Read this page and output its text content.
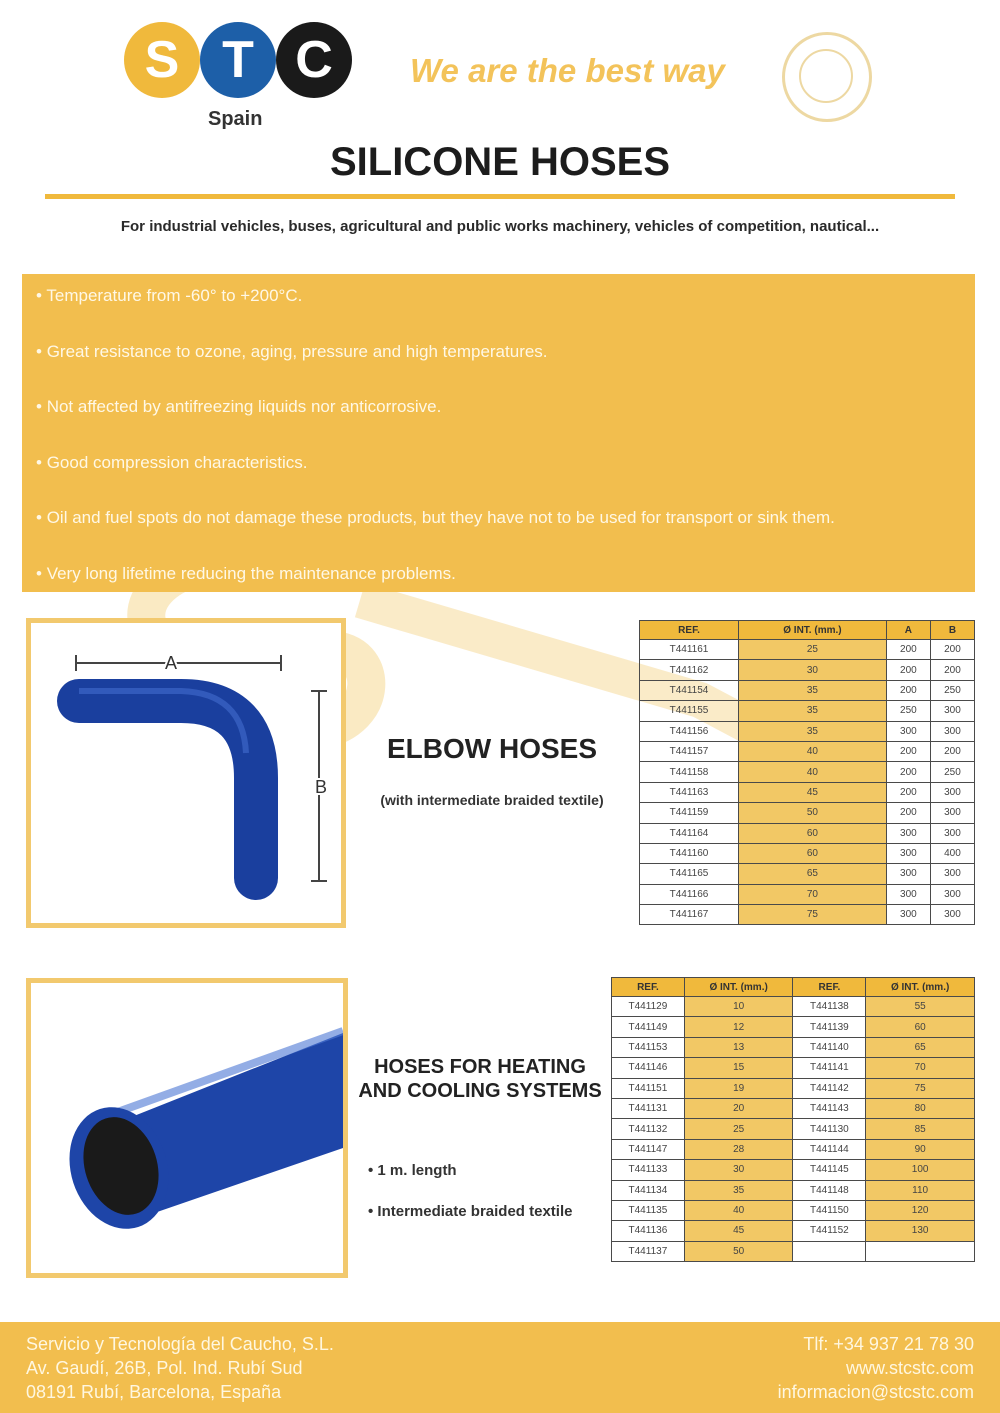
S T C
Spain
We are the best way
SILICONE HOSES
For industrial vehicles, buses, agricultural and public works machinery, vehicles of competition, nautical...
• Temperature from -60° to +200°C.
• Great resistance to ozone, aging, pressure and high temperatures.
• Not affected by antifreezing liquids nor anticorrosive.
• Good compression characteristics.
• Oil and fuel spots do not damage these products, but they have not to be used for transport or sink them.
• Very long lifetime reducing the maintenance problems.
A
B
ELBOW HOSES
(with intermediate braided textile)
REF.	Ø INT. (mm.)	A	B
T441161	25	200	200
T441162	30	200	200
T441154	35	200	250
T441155	35	250	300
T441156	35	300	300
T441157	40	200	200
T441158	40	200	250
T441163	45	200	300
T441159	50	200	300
T441164	60	300	300
T441160	60	300	400
T441165	65	300	300
T441166	70	300	300
T441167	75	300	300
HOSES FOR HEATING
AND COOLING SYSTEMS
• 1 m. length
• Intermediate braided textile
REF.	Ø INT. (mm.)	REF.	Ø INT. (mm.)
T441129	10	T441138	55
T441149	12	T441139	60
T441153	13	T441140	65
T441146	15	T441141	70
T441151	19	T441142	75
T441131	20	T441143	80
T441132	25	T441130	85
T441147	28	T441144	90
T441133	30	T441145	100
T441134	35	T441148	110
T441135	40	T441150	120
T441136	45	T441152	130
T441137	50		
Servicio y Tecnología del Caucho, S.L.
Av. Gaudí, 26B, Pol. Ind. Rubí Sud
08191 Rubí, Barcelona, España
Tlf: +34 937 21 78 30
www.stcstc.com
informacion@stcstc.com
